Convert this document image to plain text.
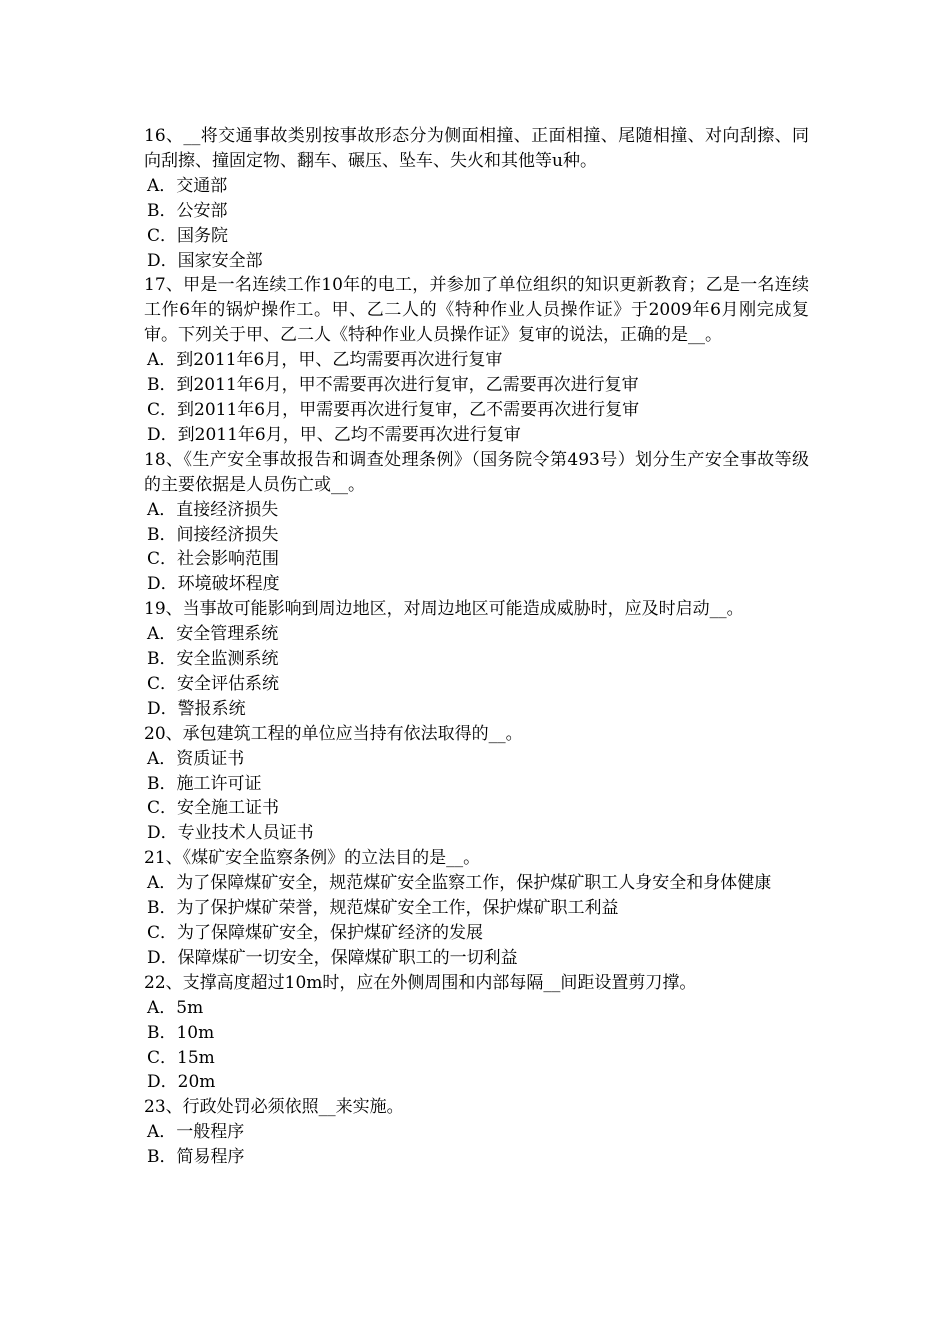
16、__将交通事故类别按事故形态分为侧面相撞、正面相撞、尾随相撞、对向刮擦、同向刮擦、撞固定物、翻车、碾压、坠车、失火和其他等u种。

A．交通部

B．公安部

C．国务院

D．国家安全部

17、甲是一名连续工作10年的电工，并参加了单位组织的知识更新教育；乙是一名连续工作6年的锅炉操作工。甲、乙二人的《特种作业人员操作证》于2009年6月刚完成复审。下列关于甲、乙二人《特种作业人员操作证》复审的说法，正确的是__。

A．到2011年6月，甲、乙均需要再次进行复审

B．到2011年6月，甲不需要再次进行复审，乙需要再次进行复审

C．到2011年6月，甲需要再次进行复审，乙不需要再次进行复审

D．到2011年6月，甲、乙均不需要再次进行复审

18、《生产安全事故报告和调查处理条例》（国务院令第493号）划分生产安全事故等级的主要依据是人员伤亡或__。

A．直接经济损失

B．间接经济损失

C．社会影响范围

D．环境破坏程度

19、当事故可能影响到周边地区，对周边地区可能造成威胁时，应及时启动__。

A．安全管理系统

B．安全监测系统

C．安全评估系统

D．警报系统

20、承包建筑工程的单位应当持有依法取得的__。

A．资质证书

B．施工许可证

C．安全施工证书

D．专业技术人员证书

21、《煤矿安全监察条例》的立法目的是__。

A．为了保障煤矿安全，规范煤矿安全监察工作，保护煤矿职工人身安全和身体健康

B．为了保护煤矿荣誉，规范煤矿安全工作，保护煤矿职工利益

C．为了保障煤矿安全，保护煤矿经济的发展

D．保障煤矿一切安全，保障煤矿职工的一切利益

22、支撑高度超过10m时，应在外侧周围和内部每隔__间距设置剪刀撑。

A．5m

B．10m

C．15m

D．20m

23、行政处罚必须依照__来实施。

A．一般程序

B．简易程序
